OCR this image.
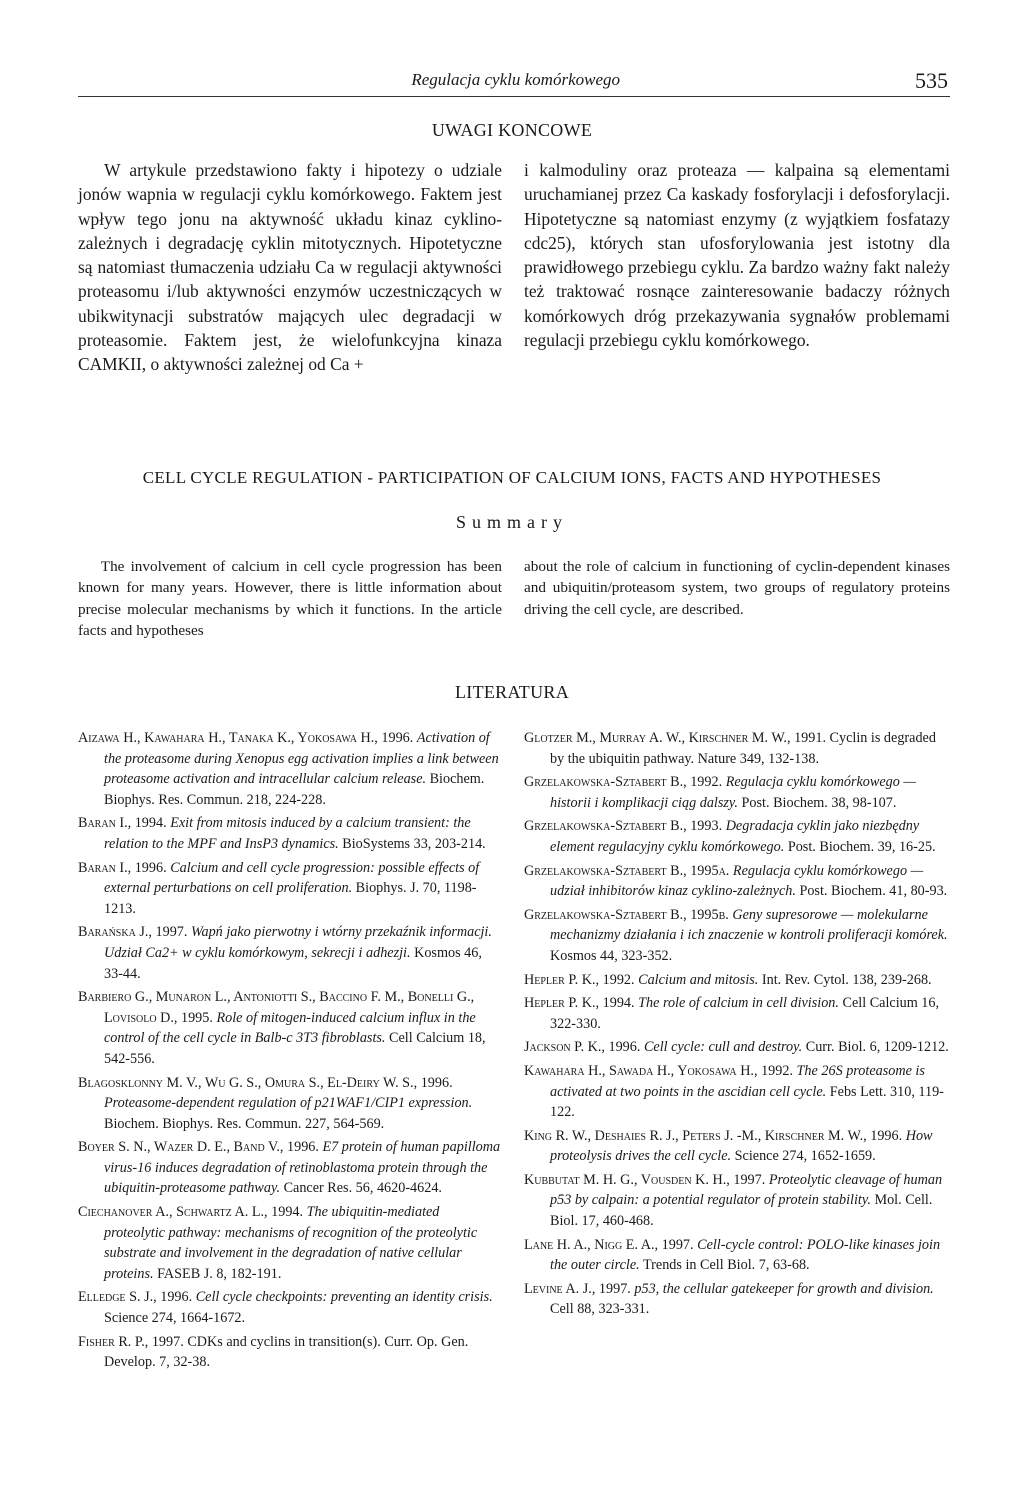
Regulacja cyklu komórkowego	535
UWAGI KONCOWE

W artykule przedstawiono fakty i hipotezy o udziale jonów wapnia w regulacji cyklu komórkowego. Faktem jest wpływ tego jonu na aktywność układu kinaz cyklino-zależnych i degradację cyklin mitotycznych. Hipotetyczne są natomiast tłumaczenia udziału Ca w regulacji aktywności proteasomu i/lub aktywności enzymów uczestniczących w ubikwitynacji substratów mających ulec degradacji w proteasomie. Faktem jest, że wielofunkcyjna kinaza CAMKII, o aktywności zależnej od Ca +

i kalmoduliny oraz proteaza — kalpaina są elementami uruchamianej przez Ca kaskady fosforylacji i defosforylacji. Hipotetyczne są natomiast enzymy (z wyjątkiem fosfatazy cdc25), których stan ufosforylowania jest istotny dla prawidłowego przebiegu cyklu. Za bardzo ważny fakt należy też traktować rosnące zainteresowanie badaczy różnych komórkowych dróg przekazywania sygnałów problemami regulacji przebiegu cyklu komórkowego.

CELL CYCLE REGULATION - PARTICIPATION OF CALCIUM IONS, FACTS AND HYPOTHESES
Summary

The involvement of calcium in cell cycle progression has been known for many years. However, there is little information about precise molecular mechanisms by which it functions. In the article facts and hypotheses

about the role of calcium in functioning of cyclin-dependent kinases and ubiquitin/proteasom system, two groups of regulatory proteins driving the cell cycle, are described.

LITERATURA
Aizawa H., Kawahara H., Tanaka K., Yokosawa H., 1996. Activation of the proteasome during Xenopus egg activation implies a link between proteasome activation and intracellular calcium release. Biochem. Biophys. Res. Commun. 218, 224-228.
Baran I., 1994. Exit from mitosis induced by a calcium transient: the relation to the MPF and InsP3 dynamics. BioSystems 33, 203-214.
Baran I., 1996. Calcium and cell cycle progression: possible effects of external perturbations on cell proliferation. Biophys. J. 70, 1198-1213.
Barańska J., 1997. Wapń jako pierwotny i wtórny przekaźnik informacji. Udział Ca2+ w cyklu komórkowym, sekrecji i adhezji. Kosmos 46, 33-44.
Barbiero G., Munaron L., Antoniotti S., Baccino F. M., Bonelli G., Lovisolo D., 1995. Role of mitogen-induced calcium influx in the control of the cell cycle in Balb-c 3T3 fibroblasts. Cell Calcium 18, 542-556.
Blagosklonny M. V., Wu G. S., Omura S., El-Deiry W. S., 1996. Proteasome-dependent regulation of p21WAF1/CIP1 expression. Biochem. Biophys. Res. Commun. 227, 564-569.
Boyer S. N., Wazer D. E., Band V., 1996. E7 protein of human papilloma virus-16 induces degradation of retinoblastoma protein through the ubiquitin-proteasome pathway. Cancer Res. 56, 4620-4624.
Ciechanover A., Schwartz A. L., 1994. The ubiquitin-mediated proteolytic pathway: mechanisms of recognition of the proteolytic substrate and involvement in the degradation of native cellular proteins. FASEB J. 8, 182-191.
Elledge S. J., 1996. Cell cycle checkpoints: preventing an identity crisis. Science 274, 1664-1672.
Fisher R. P., 1997. CDKs and cyclins in transition(s). Curr. Op. Gen. Develop. 7, 32-38.
Glotzer M., Murray A. W., Kirschner M. W., 1991. Cyclin is degraded by the ubiquitin pathway. Nature 349, 132-138.
Grzelakowska-Sztabert B., 1992. Regulacja cyklu komórkowego — historii i komplikacji ciąg dalszy. Post. Biochem. 38, 98-107.
Grzelakowska-Sztabert B., 1993. Degradacja cyklin jako niezbędny element regulacyjny cyklu komórkowego. Post. Biochem. 39, 16-25.
Grzelakowska-Sztabert B., 1995a. Regulacja cyklu komórkowego — udział inhibitorów kinaz cyklino-zależnych. Post. Biochem. 41, 80-93.
Grzelakowska-Sztabert B., 1995b. Geny supresorowe — molekularne mechanizmy działania i ich znaczenie w kontroli proliferacji komórek. Kosmos 44, 323-352.
Hepler P. K., 1992. Calcium and mitosis. Int. Rev. Cytol. 138, 239-268.
Hepler P. K., 1994. The role of calcium in cell division. Cell Calcium 16, 322-330.
Jackson P. K., 1996. Cell cycle: cull and destroy. Curr. Biol. 6, 1209-1212.
Kawahara H., Sawada H., Yokosawa H., 1992. The 26S proteasome is activated at two points in the ascidian cell cycle. Febs Lett. 310, 119-122.
King R. W., Deshaies R. J., Peters J. -M., Kirschner M. W., 1996. How proteolysis drives the cell cycle. Science 274, 1652-1659.
Kubbutat M. H. G., Vousden K. H., 1997. Proteolytic cleavage of human p53 by calpain: a potential regulator of protein stability. Mol. Cell. Biol. 17, 460-468.
Lane H. A., Nigg E. A., 1997. Cell-cycle control: POLO-like kinases join the outer circle. Trends in Cell Biol. 7, 63-68.
Levine A. J., 1997. p53, the cellular gatekeeper for growth and division. Cell 88, 323-331.
